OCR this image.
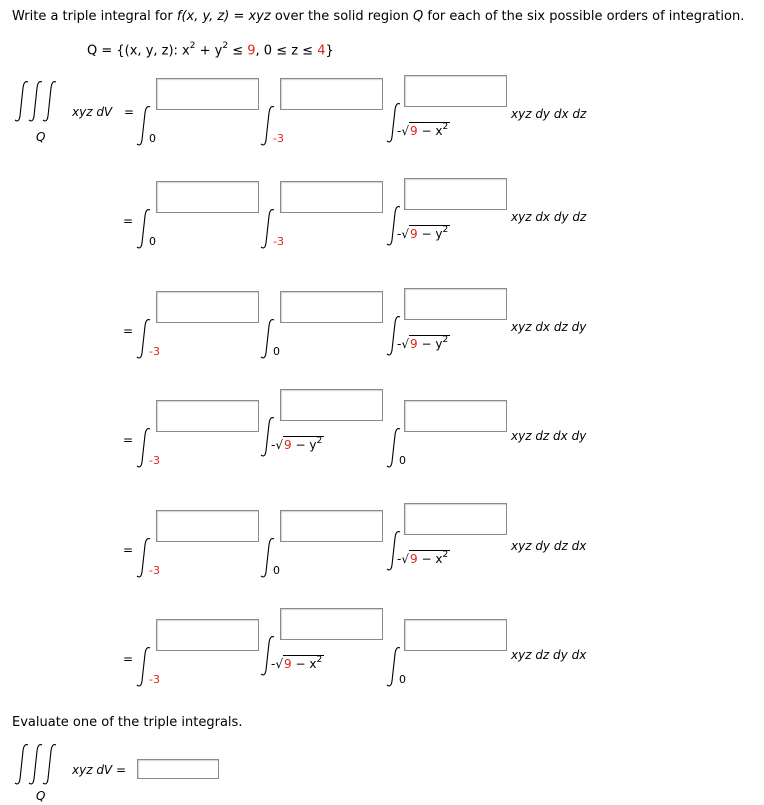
Write a triple integral for f(x, y, z) = xyz over the solid region Q for each of the six possible orders of integration.
Q = {(x, y, z): $x^2 + y^2 \le 9$, 0 ≤ z ≤ 4}
xyz dV =
Q	0	-3
$-√9 - x^2$
xyz dy dx dz
=
0	-3
$-√9 - y^2$
xyz dx dy dz
=
-3	0
$-√9 - y^2$
xyz dx dz dy
=
-3
$-√9 - y^2$
0
xyz dz dx dy
=
-3	0
$-√9 - x^2$
xyz dy dz dx
=
-3
$-√9 - x^2$
0
xyz dz dy dx
Evaluate one of the triple integrals.
xyz dV =
Q
